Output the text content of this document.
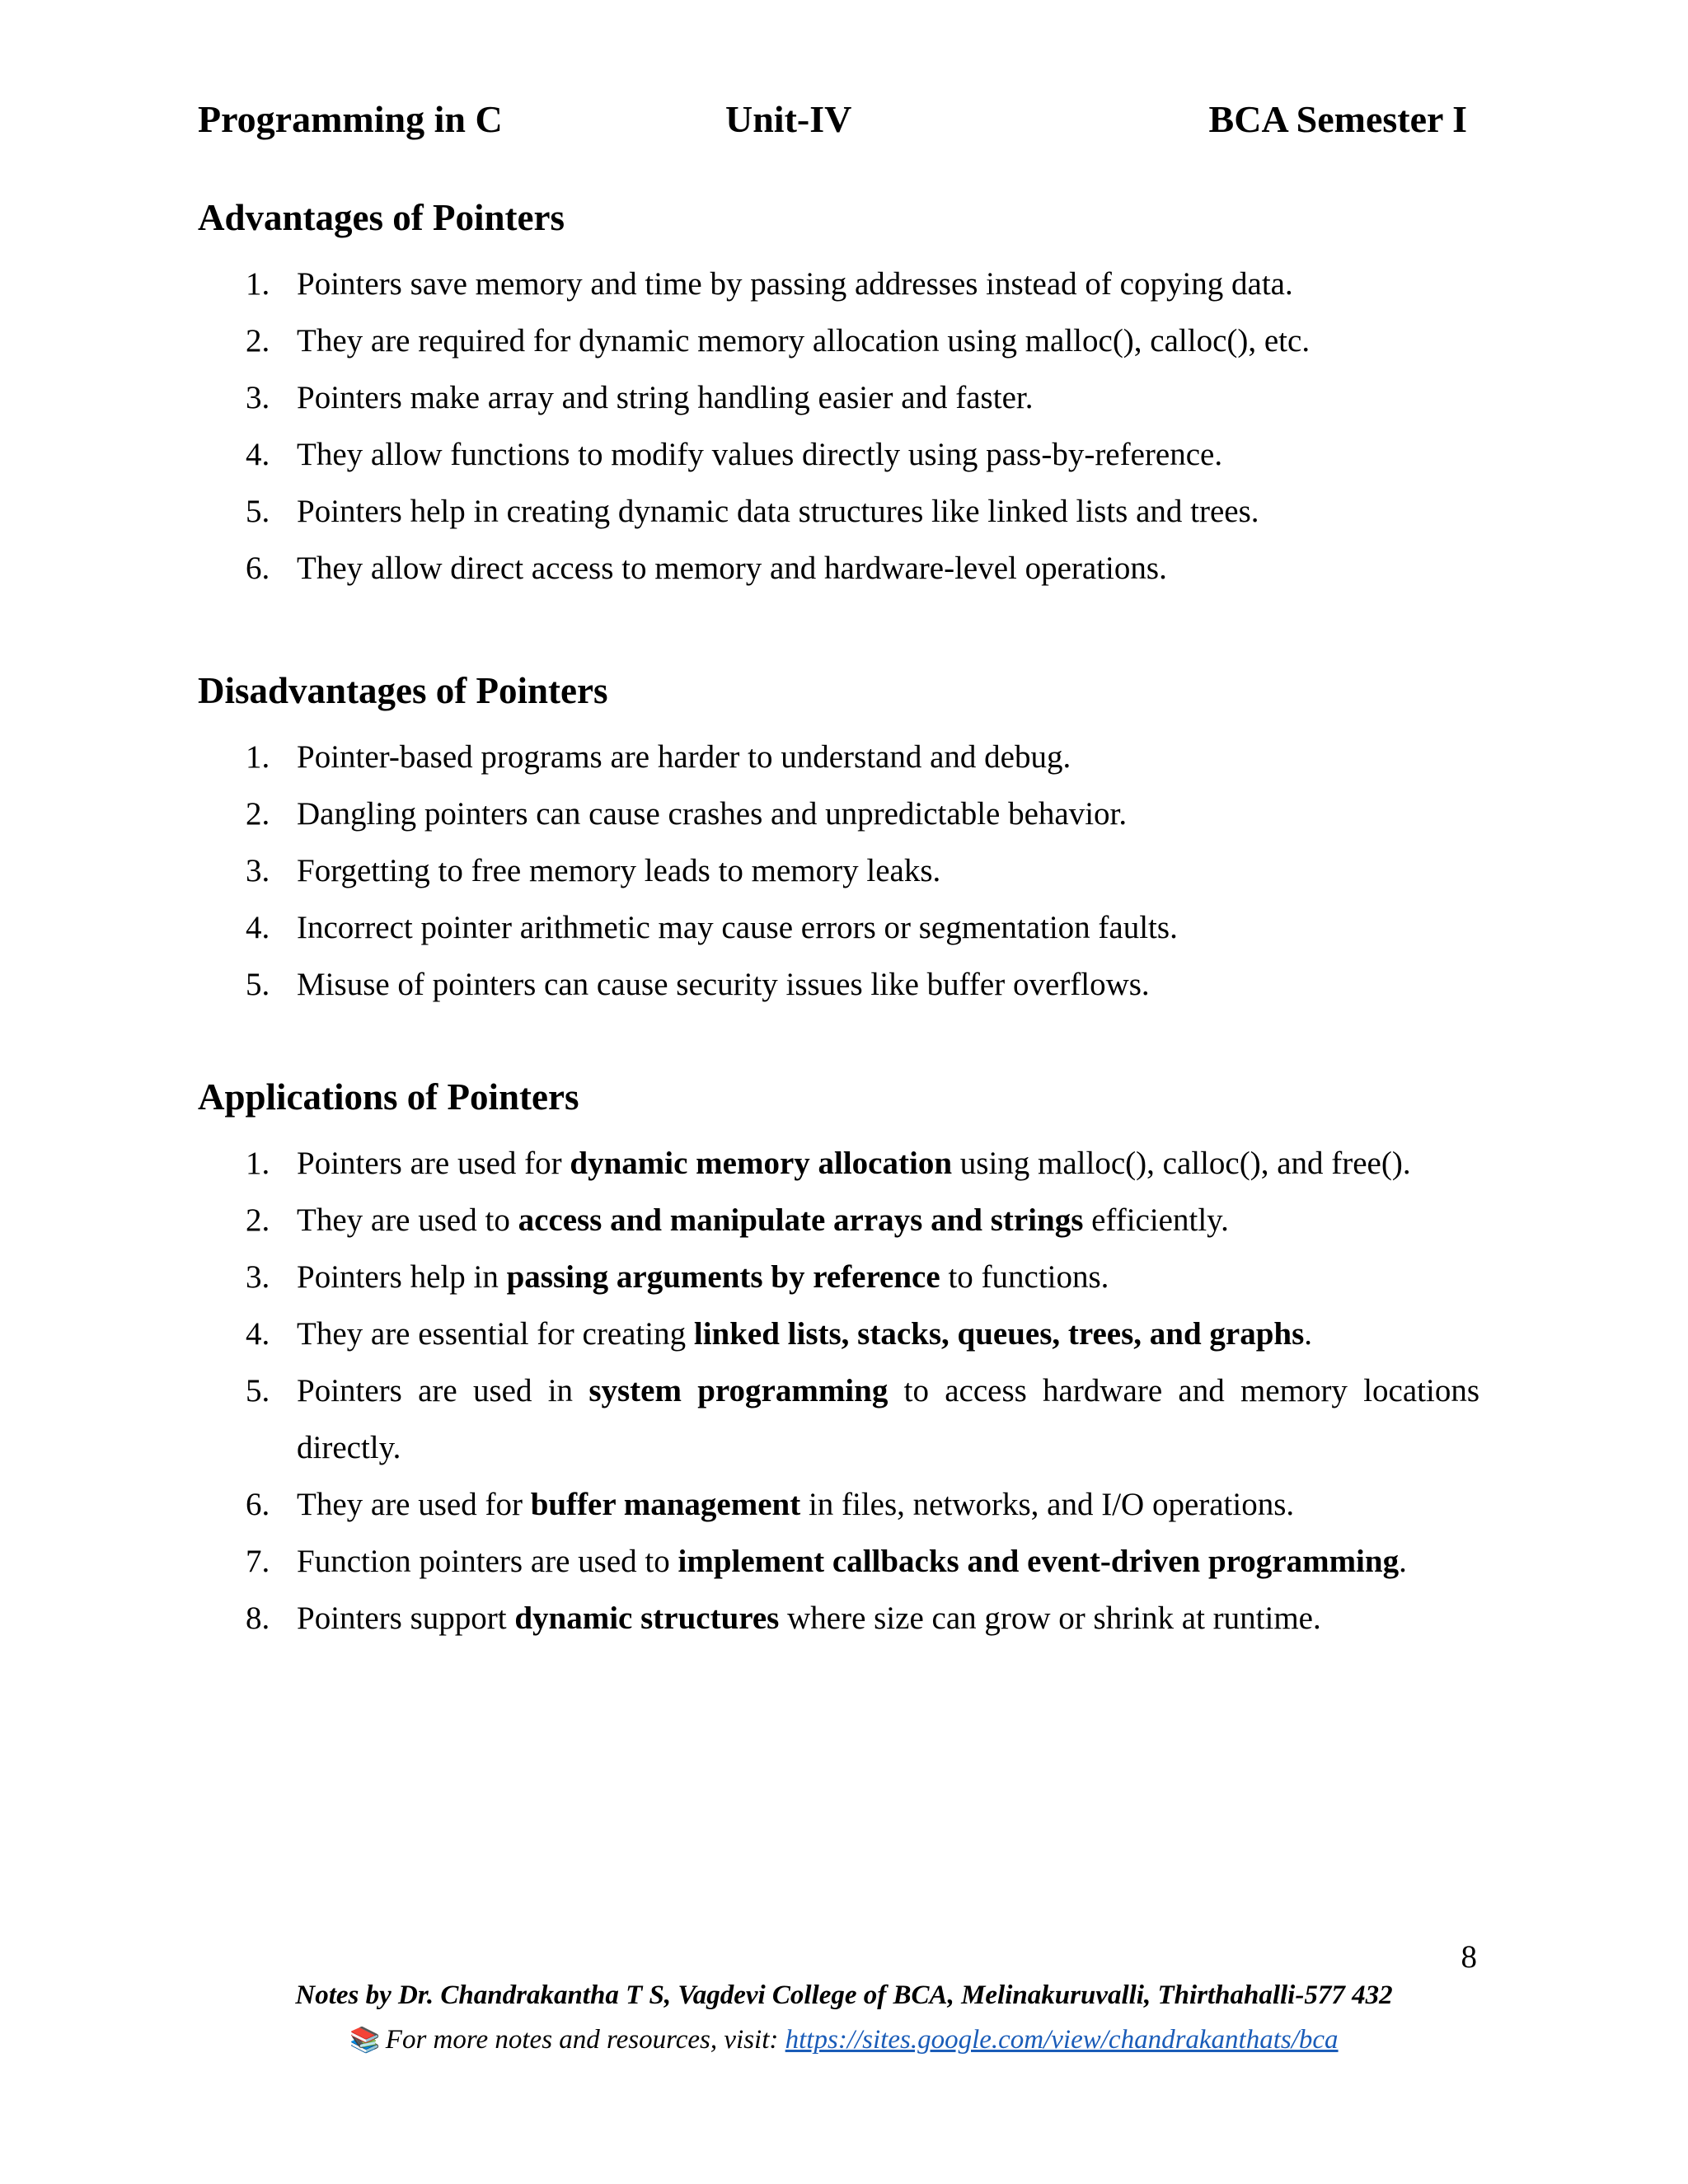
Programming in C	Unit-IV	BCA Semester I
Advantages of Pointers
1. Pointers save memory and time by passing addresses instead of copying data.
2. They are required for dynamic memory allocation using malloc(), calloc(), etc.
3. Pointers make array and string handling easier and faster.
4. They allow functions to modify values directly using pass-by-reference.
5. Pointers help in creating dynamic data structures like linked lists and trees.
6. They allow direct access to memory and hardware-level operations.
Disadvantages of Pointers
1. Pointer-based programs are harder to understand and debug.
2. Dangling pointers can cause crashes and unpredictable behavior.
3. Forgetting to free memory leads to memory leaks.
4. Incorrect pointer arithmetic may cause errors or segmentation faults.
5. Misuse of pointers can cause security issues like buffer overflows.
Applications of Pointers
1. Pointers are used for dynamic memory allocation using malloc(), calloc(), and free().
2. They are used to access and manipulate arrays and strings efficiently.
3. Pointers help in passing arguments by reference to functions.
4. They are essential for creating linked lists, stacks, queues, trees, and graphs.
5. Pointers are used in system programming to access hardware and memory locations directly.
6. They are used for buffer management in files, networks, and I/O operations.
7. Function pointers are used to implement callbacks and event-driven programming.
8. Pointers support dynamic structures where size can grow or shrink at runtime.
8
Notes by Dr. Chandrakantha T S, Vagdevi College of BCA, Melinakuruvalli, Thirthahalli-577 432
📚 For more notes and resources, visit: https://sites.google.com/view/chandrakanthats/bca
